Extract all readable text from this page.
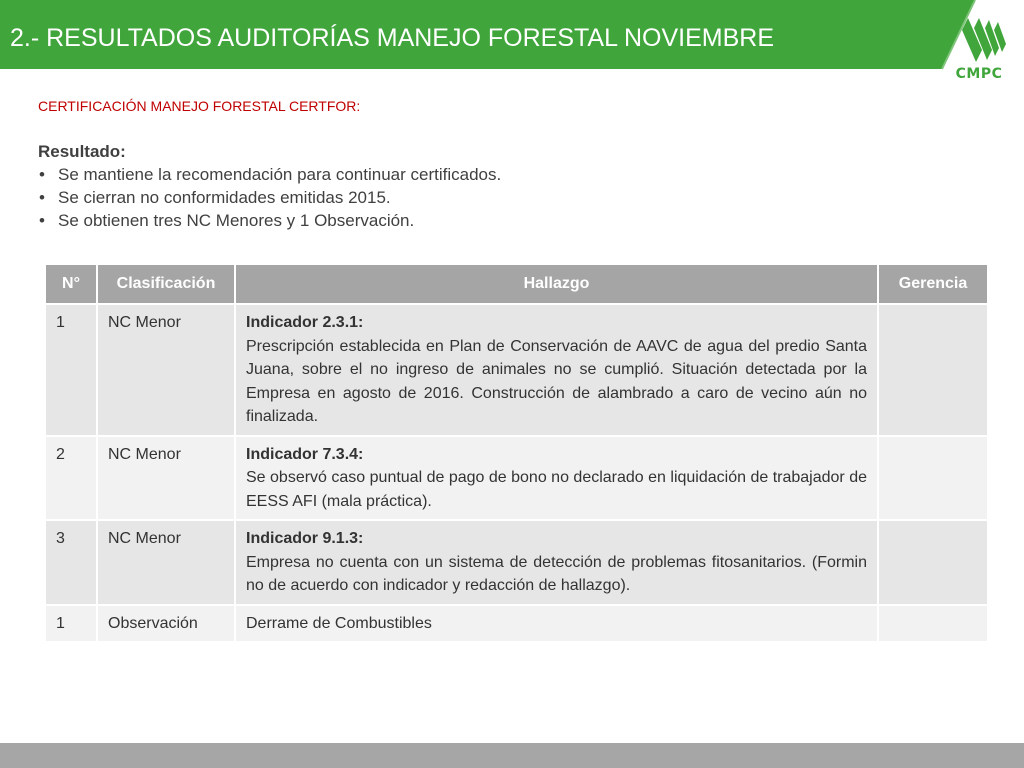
2.- RESULTADOS AUDITORÍAS MANEJO FORESTAL NOVIEMBRE
CMPC
CERTIFICACIÓN MANEJO FORESTAL CERTFOR:
Resultado:
• Se mantiene la recomendación para continuar certificados.
• Se cierran no conformidades emitidas 2015.
• Se obtienen tres NC Menores y 1 Observación.
N°	Clasificación	Hallazgo	Gerencia
1	NC Menor	Indicador 2.3.1:
Prescripción establecida en Plan de Conservación de AAVC de agua del predio Santa Juana, sobre el no ingreso de animales no se cumplió. Situación detectada por la Empresa en agosto de 2016. Construcción de alambrado a caro de vecino aún no finalizada.	

2	NC Menor	Indicador 7.3.4:
Se observó caso puntual de pago de bono no declarado en liquidación de trabajador de EESS AFI (mala práctica).	

3	NC Menor	Indicador 9.1.3:
Empresa no cuenta con un sistema de detección de problemas fitosanitarios. (Formin no de acuerdo con indicador y redacción de hallazgo).	

1	Observación	Derrame de Combustibles	
